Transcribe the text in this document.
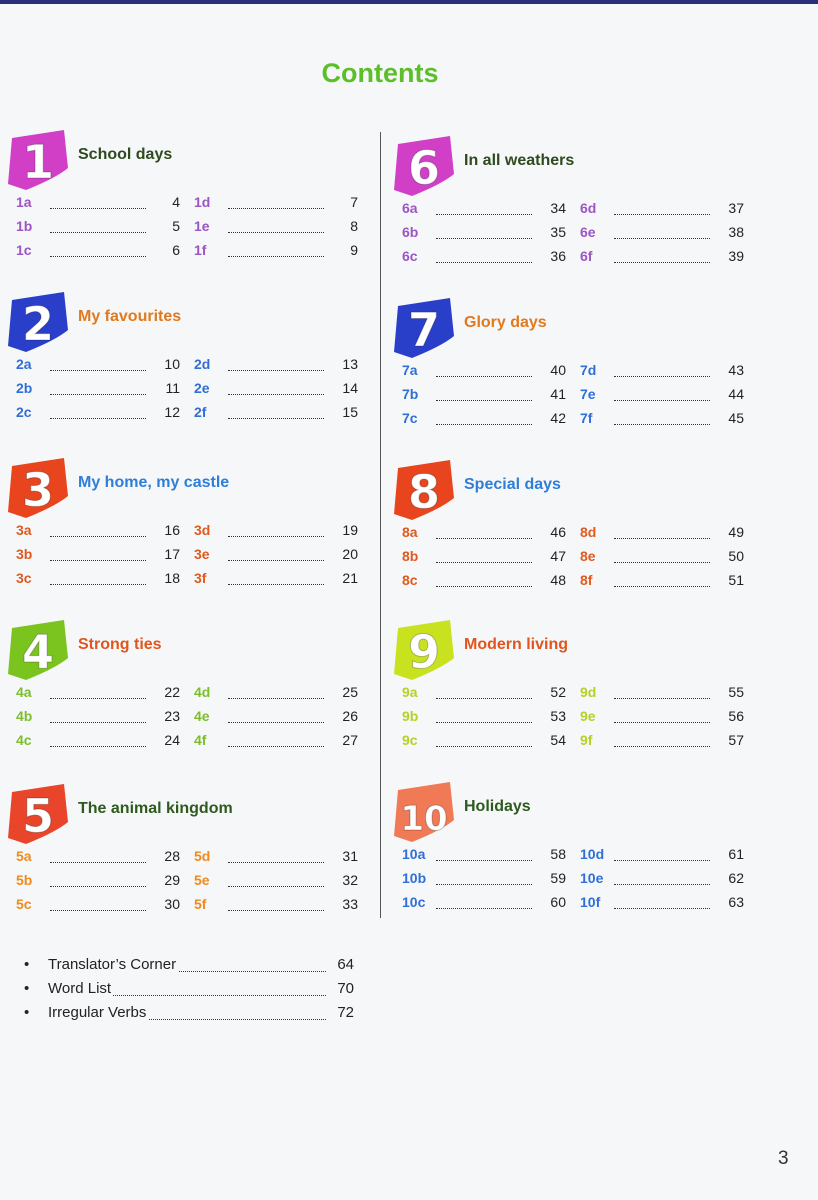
Contents
1 School days
1a	4
1b	5
1c	6
1d	7
1e	8
1f	9
2 My favourites
2a	10
2b	11
2c	12
2d	13
2e	14
2f	15
3 My home, my castle
3a	16
3b	17
3c	18
3d	19
3e	20
3f	21
4 Strong ties
4a	22
4b	23
4c	24
4d	25
4e	26
4f	27
5 The animal kingdom
5a	28
5b	29
5c	30
5d	31
5e	32
5f	33
6 In all weathers
6a	34
6b	35
6c	36
6d	37
6e	38
6f	39
7 Glory days
7a	40
7b	41
7c	42
7d	43
7e	44
7f	45
8 Special days
8a	46
8b	47
8c	48
8d	49
8e	50
8f	51
9 Modern living
9a	52
9b	53
9c	54
9d	55
9e	56
9f	57
10 Holidays
10a	58
10b	59
10c	60
10d	61
10e	62
10f	63
• Translator’s Corner	64
• Word List	70
• Irregular Verbs	72
3
